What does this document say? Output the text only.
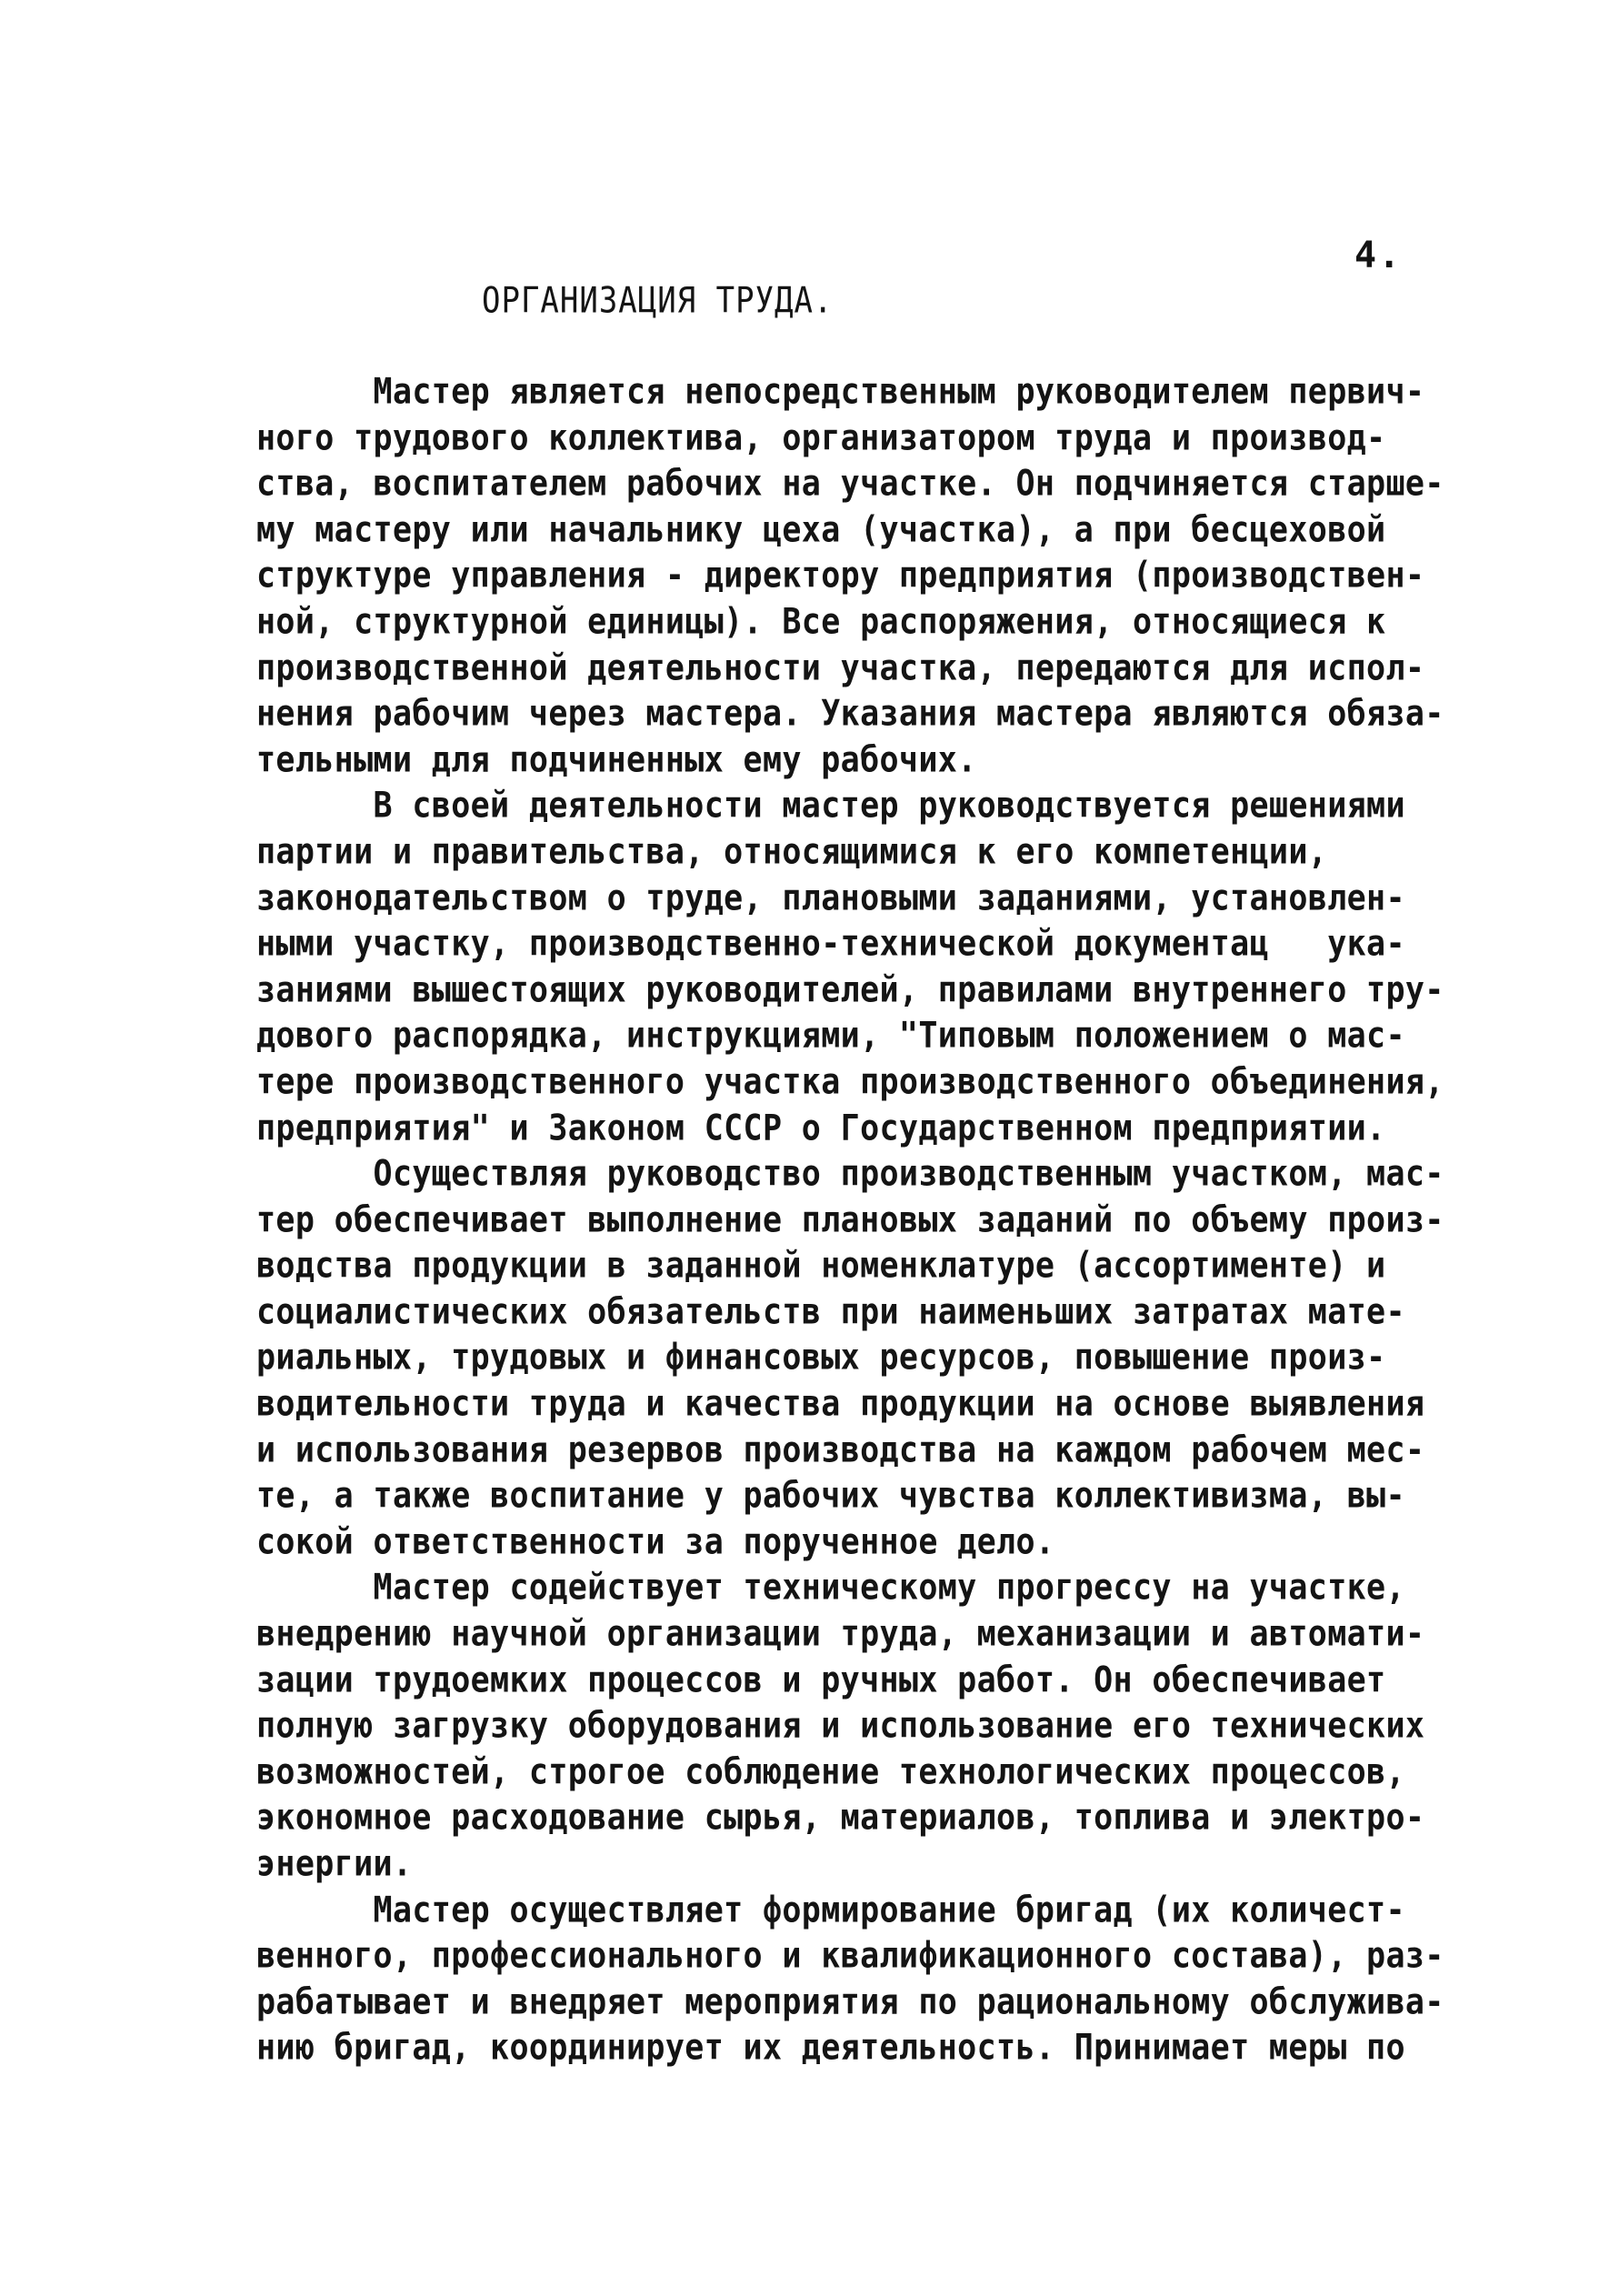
4.
ОРГАНИЗАЦИЯ ТРУДА.
Мастер является непосредственным руководителем первич-
ного трудового коллектива, организатором труда и производ-
ства, воспитателем рабочих на участке. Он подчиняется старше-
му мастеру или начальнику цеха (участка), а при бесцеховой
структуре управления - директору предприятия (производствен-
ной, структурной единицы). Все распоряжения, относящиеся к
производственной деятельности участка, передаются для испол-
нения рабочим через мастера. Указания мастера являются обяза-
тельными для подчиненных ему рабочих.
В своей деятельности мастер руководствуется решениями
партии и правительства, относящимися к его компетенции,
законодательством о труде, плановыми заданиями, установлен-
ными участку, производственно-технической документац   ука-
заниями вышестоящих руководителей, правилами внутреннего тру-
дового распорядка, инструкциями, "Типовым положением о мас-
тере производственного участка производственного объединения,
предприятия" и Законом СССР о Государственном предприятии.
Осуществляя руководство производственным участком, мас-
тер обеспечивает выполнение плановых заданий по объему произ-
водства продукции в заданной номенклатуре (ассортименте) и
социалистических обязательств при наименьших затратах мате-
риальных, трудовых и финансовых ресурсов, повышение произ-
водительности труда и качества продукции на основе выявления
и использования резервов производства на каждом рабочем мес-
те, а также воспитание у рабочих чувства коллективизма, вы-
сокой ответственности за порученное дело.
Мастер содействует техническому прогрессу на участке,
внедрению научной организации труда, механизации и автомати-
зации трудоемких процессов и ручных работ. Он обеспечивает
полную загрузку оборудования и использование его технических
возможностей, строгое соблюдение технологических процессов,
экономное расходование сырья, материалов, топлива и электро-
энергии.
Мастер осуществляет формирование бригад (их количест-
венного, профессионального и квалификационного состава), раз-
рабатывает и внедряет мероприятия по рациональному обслужива-
нию бригад, координирует их деятельность. Принимает меры по
